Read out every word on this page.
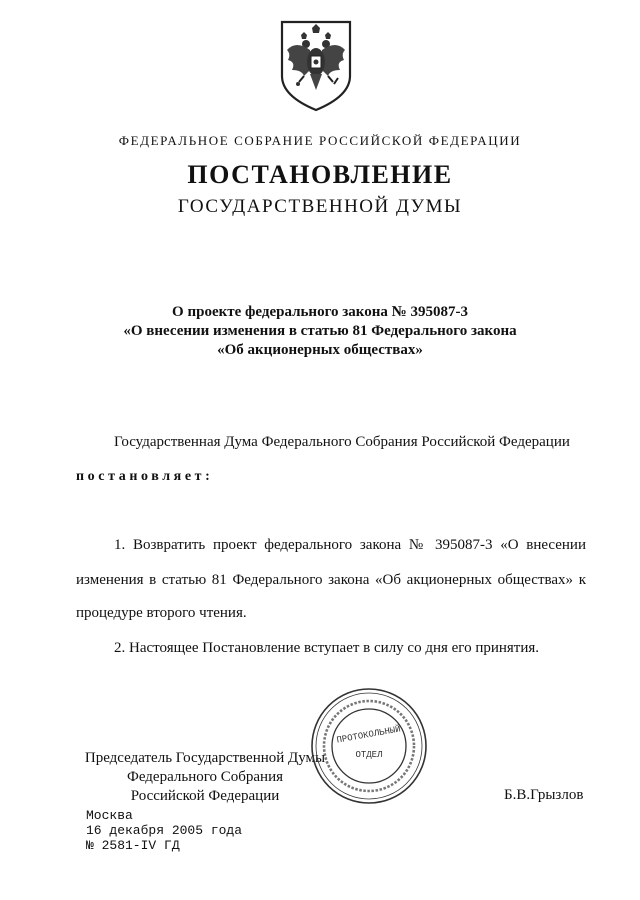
ФЕДЕРАЛЬНОЕ СОБРАНИЕ РОССИЙСКОЙ ФЕДЕРАЦИИ
ПОСТАНОВЛЕНИЕ
ГОСУДАРСТВЕННОЙ ДУМЫ
О проекте федерального закона № 395087-3
«О внесении изменения в статью 81 Федерального закона
«Об акционерных обществах»
Государственная Дума Федерального Собрания Российской Федерации
постановляет:
1. Возвратить проект федерального закона № 395087-3 «О внесении
изменения в статью 81 Федерального закона «Об акционерных обществах» к
процедуре второго чтения.
2. Настоящее Постановление вступает в силу со дня его принятия.
Председатель Государственной Думы
Федерального Собрания
Российской Федерации
ПРОТОКОЛЬНЫЙ
ОТДЕЛ
Б.В.Грызлов
Москва
16 декабря 2005 года
№ 2581-IV ГД
